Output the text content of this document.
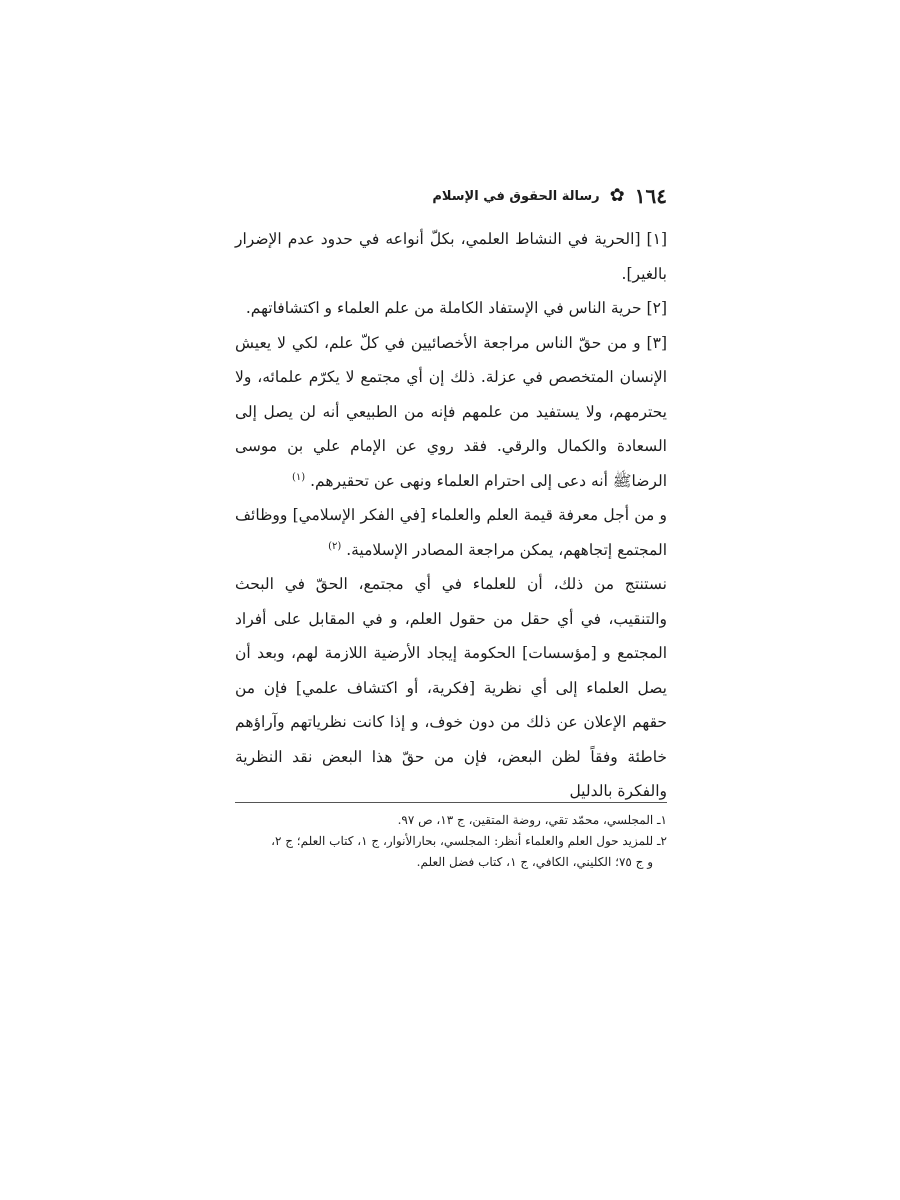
١٦٤
✿
رسالة الحقوق في الإسلام

[١] [الحرية في النشاط العلمي، بكلّ أنواعه في حدود عدم الإضرار بالغير].

[٢] حرية الناس في الإستفاد الكاملة من علم العلماء و اكتشافاتهم.

[٣] و من حقّ الناس مراجعة الأخصائيين في كلّ علم، لكي لا يعيش الإنسان المتخصص في عزلة. ذلك إن أي مجتمع لا يكرّم علمائه، ولا يحترمهم، ولا يستفيد من علمهم فإنه من الطبيعي أنه لن يصل إلى السعادة والكمال والرقي. فقد روي عن الإمام علي بن موسى الرضاﷺ أنه دعى إلى احترام العلماء ونهى عن تحقيرهم. $^{(١)}$

و من أجل معرفة قيمة العلم والعلماء [في الفكر الإسلامي] ووظائف المجتمع إتجاههم، يمكن مراجعة المصادر الإسلامية. $^{(٢)}$

نستنتج من ذلك، أن للعلماء في أي مجتمع، الحقّ في البحث والتنقيب، في أي حقل من حقول العلم، و في المقابل على أفراد المجتمع و [مؤسسات] الحكومة إيجاد الأرضية اللازمة لهم، وبعد أن يصل العلماء إلى أي نظرية [فكرية، أو اكتشاف علمي] فإن من حقهم الإعلان عن ذلك من دون خوف، و إذا كانت نظرياتهم وآراؤهم خاطئة وفقاً لظن البعض، فإن من حقّ هذا البعض نقد النظرية والفكرة بالدليل

١ـ المجلسي، محمّد تقي، روضة المتقين، ج ١٣، ص ٩٧.

٢ـ للمزيد حول العلم والعلماء أنظر: المجلسي، بحارالأنوار، ج ١، كتاب العلم؛ ج ٢،

و ج ٧٥؛ الكليني، الكافي، ج ١، كتاب فضل العلم.
